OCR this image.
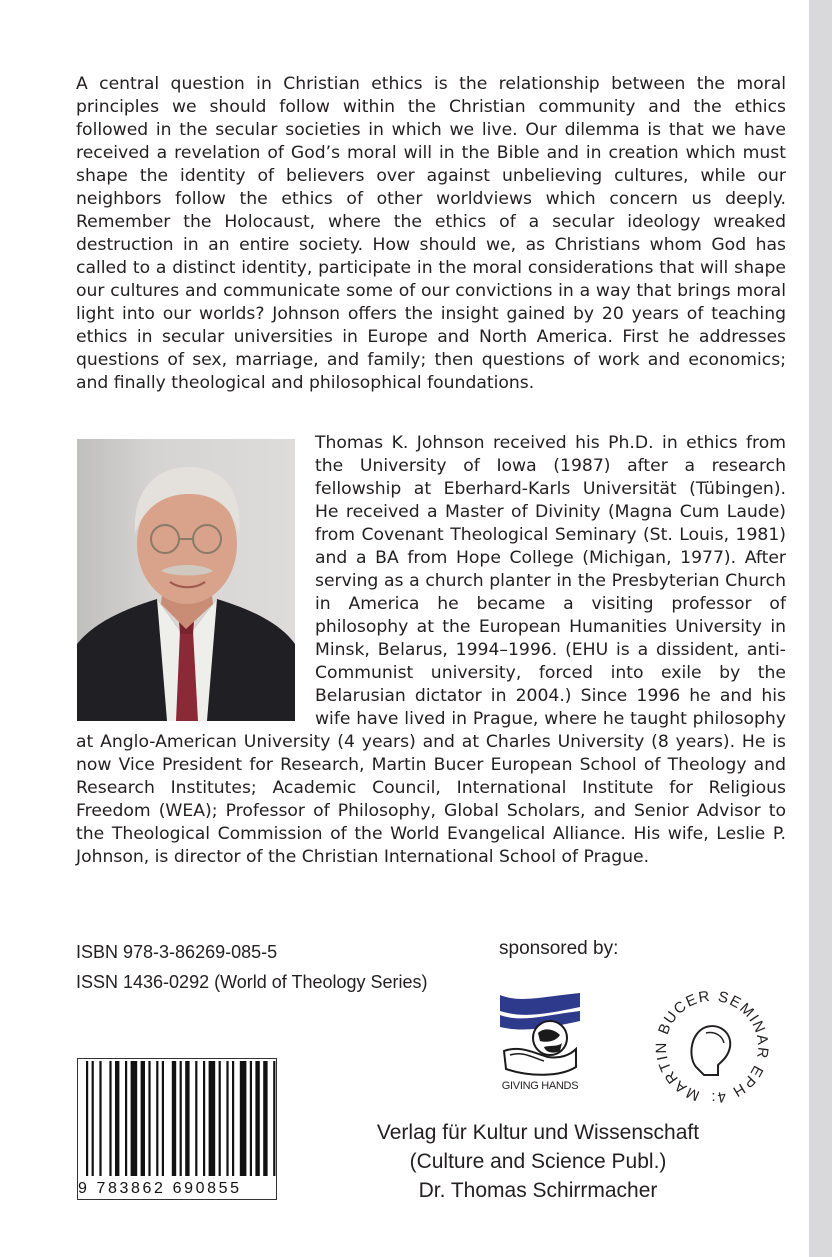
A central question in Christian ethics is the relationship between the moral principles we should follow within the Christian community and the ethics followed in the secular societies in which we live. Our dilemma is that we have received a revelation of God’s moral will in the Bible and in creation which must shape the identity of believers over against unbelieving cultures, while our neighbors follow the ethics of other worldviews which concern us deeply. Remember the Holocaust, where the ethics of a secular ideology wreaked destruction in an entire society. How should we, as Christians whom God has called to a distinct identity, participate in the moral considerations that will shape our cultures and communicate some of our convictions in a way that brings moral light into our worlds? Johnson offers the insight gained by 20 years of teaching ethics in secular universities in Europe and North America. First he addresses questions of sex, marriage, and family; then questions of work and economics; and finally theological and philosophical foundations.

Thomas K. Johnson received his Ph.D. in ethics from the University of Iowa (1987) after a research fellowship at Eberhard-Karls Universität (Tübingen). He received a Master of Divinity (Magna Cum Laude) from Covenant Theological Seminary (St. Louis, 1981) and a BA from Hope College (Michigan, 1977). After serving as a church planter in the Presbyterian Church in America he became a visiting professor of philosophy at the European Humanities University in Minsk, Belarus, 1994–1996. (EHU is a dissident, anti-Communist university, forced into exile by the Belarusian dictator in 2004.) Since 1996 he and his wife have lived in Prague, where he taught philosophy at Anglo-American University (4 years) and at Charles University (8 years). He is now Vice President for Research, Martin Bucer European School of Theology and Research Institutes; Academic Council, International Institute for Religious Freedom (WEA); Professor of Philosophy, Global Scholars, and Senior Advisor to the Theological Commission of the World Evangelical Alliance. His wife, Leslie P. Johnson, is director of the Christian International School of Prague.

ISBN 978-3-86269-085-5
ISSN 1436-0292 (World of Theology Series)
sponsored by:
GIVING HANDS	MARTIN BUCER SEMINAR EPH 4:
9 783862 690855
Verlag für Kultur und Wissenschaft
(Culture and Science Publ.)
Dr. Thomas Schirrmacher
